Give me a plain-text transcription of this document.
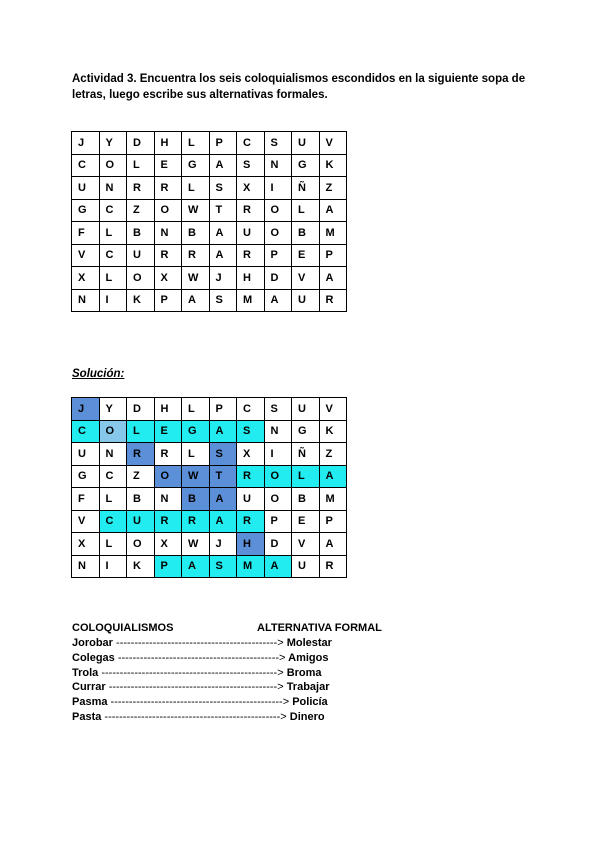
Actividad 3. Encuentra los seis coloquialismos escondidos en la siguiente sopa de letras, luego escribe sus alternativas formales.
J	Y	D	H	L	P	C	S	U	V
C	O	L	E	G	A	S	N	G	K
U	N	R	R	L	S	X	I	Ñ	Z
G	C	Z	O	W	T	R	O	L	A
F	L	B	N	B	A	U	O	B	M
V	C	U	R	R	A	R	P	E	P
X	L	O	X	W	J	H	D	V	A
N	I	K	P	A	S	M	A	U	R
Solución:
J	Y	D	H	L	P	C	S	U	V
C	O	L	E	G	A	S	N	G	K
U	N	R	R	L	S	X	I	Ñ	Z
G	C	Z	O	W	T	R	O	L	A
F	L	B	N	B	A	U	O	B	M
V	C	U	R	R	A	R	P	E	P
X	L	O	X	W	J	H	D	V	A
N	I	K	P	A	S	M	A	U	R
COLOQUIALISMOS	ALTERNATIVA FORMAL
Jorobar --------------------------------------------> Molestar
Colegas --------------------------------------------> Amigos
Trola ------------------------------------------------> Broma
Currar ----------------------------------------------> Trabajar
Pasma -----------------------------------------------> Policía
Pasta ------------------------------------------------> Dinero
